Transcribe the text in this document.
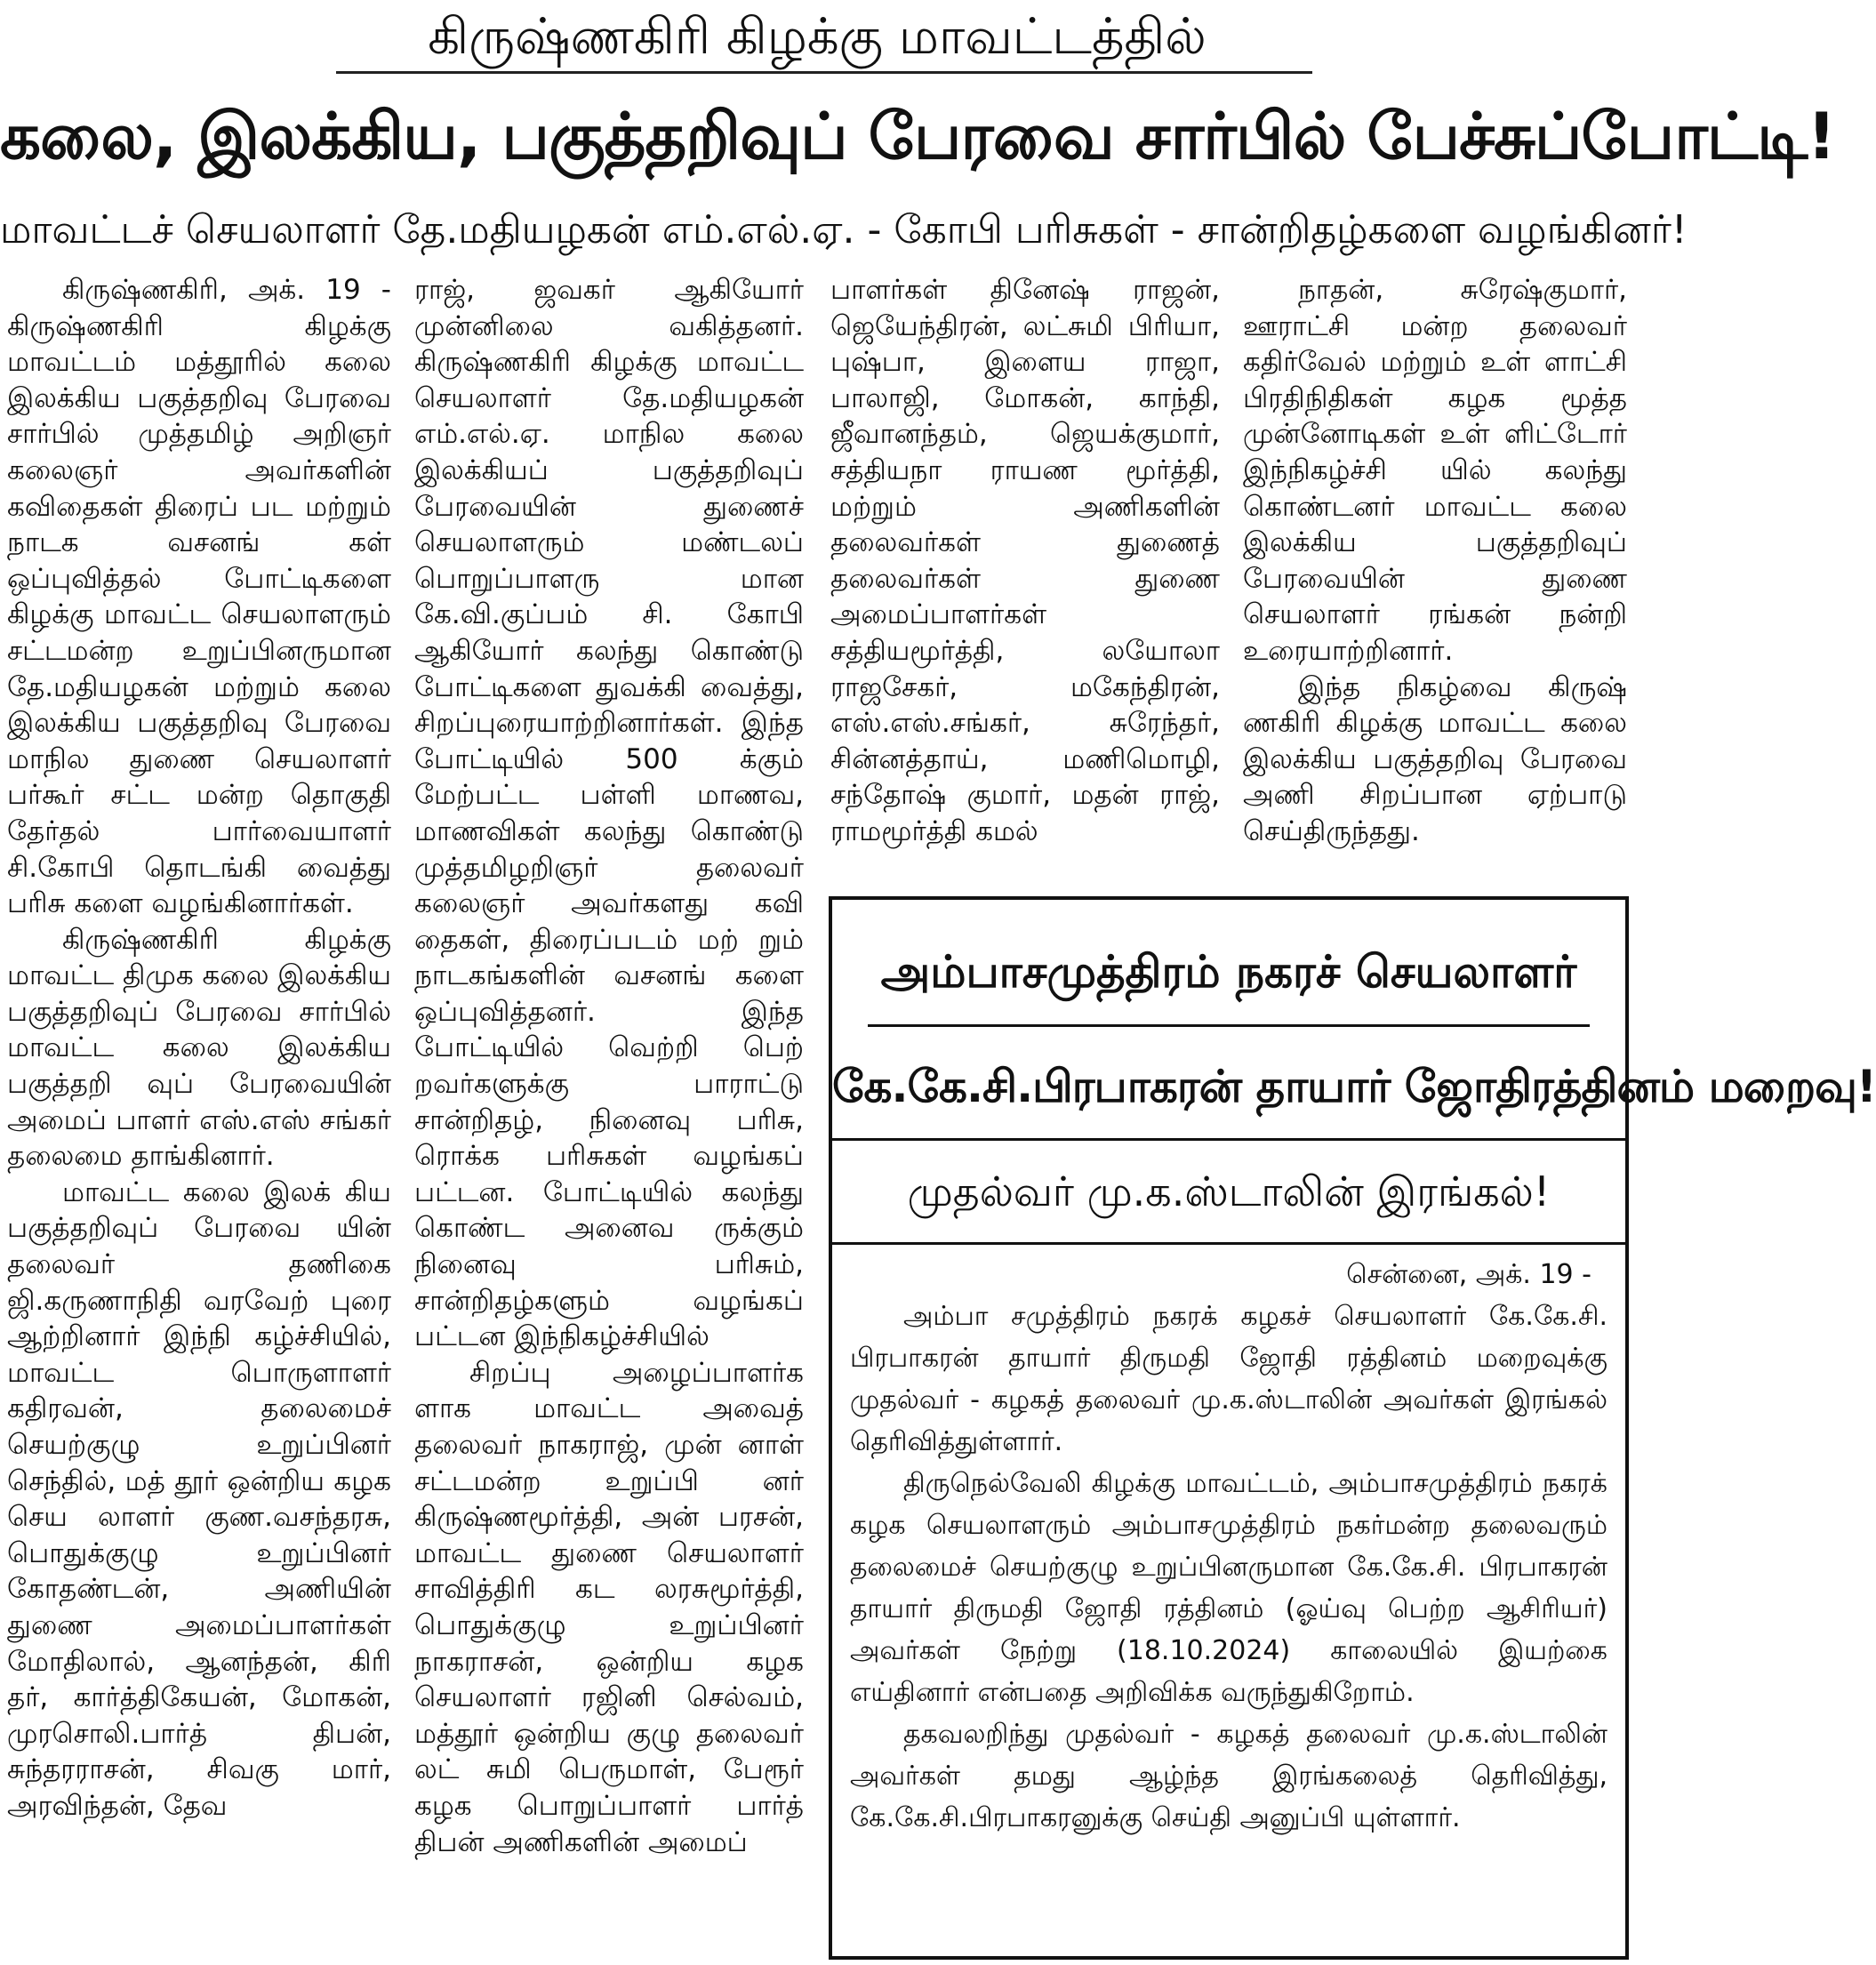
கிருஷ்ணகிரி கிழக்கு மாவட்டத்தில்
கலை, இலக்கிய, பகுத்தறிவுப் பேரவை சார்பில் பேச்சுப்போட்டி!
மாவட்டச் செயலாளர் தே.மதியழகன் எம்.எல்.ஏ. - கோபி பரிசுகள் - சான்றிதழ்களை வழங்கினர்!

கிருஷ்ணகிரி, அக். 19 - கிருஷ்ணகிரி கிழக்கு மாவட்டம் மத்தூரில் கலை இலக்கிய பகுத்தறிவு பேரவை சார்பில் முத்தமிழ் அறிஞர் கலைஞர் அவர்களின் கவிதைகள் திரைப் பட மற்றும் நாடக வசனங் கள் ஒப்புவித்தல் போட்டிகளை கிழக்கு மாவட்ட செயலாளரும் சட்டமன்ற உறுப்பினருமான தே.மதியழகன் மற்றும் கலை இலக்கிய பகுத்தறிவு பேரவை மாநில துணை செயலாளர் பர்கூர் சட்ட மன்ற தொகுதி தேர்தல் பார்வையாளர் சி.கோபி தொடங்கி வைத்து பரிசு களை வழங்கினார்கள்.

கிருஷ்ணகிரி கிழக்கு மாவட்ட திமுக கலை இலக்கிய பகுத்தறிவுப் பேரவை சார்பில் மாவட்ட கலை இலக்கிய பகுத்தறி வுப் பேரவையின் அமைப் பாளர் எஸ்.எஸ் சங்கர் தலைமை தாங்கினார்.

மாவட்ட கலை இலக் கிய பகுத்தறிவுப் பேரவை யின் தலைவர் தணிகை ஜி.கருணாநிதி வரவேற் புரை ஆற்றினார் இந்நி கழ்ச்சியில், மாவட்ட பொருளாளர் கதிரவன், தலைமைச் செயற்குழு உறுப்பினர் செந்தில், மத் தூர் ஒன்றிய கழக செய லாளர் குண.வசந்தரசு, பொதுக்குழு உறுப்பினர் கோதண்டன், அணியின் துணை அமைப்பாளர்கள் மோதிலால், ஆனந்தன், கிரி தர், கார்த்திகேயன், மோகன், முரசொலி.பார்த் திபன், சுந்தரராசன், சிவகு மார், அரவிந்தன், தேவ

ராஜ், ஜவகர் ஆகியோர் முன்னிலை வகித்தனர். கிருஷ்ணகிரி கிழக்கு மாவட்ட செயலாளர் தே.மதியழகன் எம்.எல்.ஏ. மாநில கலை இலக்கியப் பகுத்தறிவுப் பேரவையின் துணைச் செயலாளரும் மண்டலப் பொறுப்பாளரு மான கே.வி.குப்பம் சி. கோபி ஆகியோர் கலந்து கொண்டு போட்டிகளை துவக்கி வைத்து, சிறப்புரையாற்றினார்கள். இந்த போட்டியில் 500 க்கும் மேற்பட்ட பள்ளி மாணவ, மாணவிகள் கலந்து கொண்டு முத்தமிழறிஞர் தலைவர் கலைஞர் அவர்களது கவி தைகள், திரைப்படம் மற் றும் நாடகங்களின் வசனங் களை ஒப்புவித்தனர். இந்த போட்டியில் வெற்றி பெற் றவர்களுக்கு பாராட்டு சான்றிதழ், நினைவு பரிசு, ரொக்க பரிசுகள் வழங்கப் பட்டன. போட்டியில் கலந்து கொண்ட அனைவ ருக்கும் நினைவு பரிசும், சான்றிதழ்களும் வழங்கப் பட்டன இந்நிகழ்ச்சியில்

சிறப்பு அழைப்பாளர்க ளாக மாவட்ட அவைத் தலைவர் நாகராஜ், முன் னாள் சட்டமன்ற உறுப்பி னர் கிருஷ்ணமூர்த்தி, அன் பரசன், மாவட்ட துணை செயலாளர் சாவித்திரி கட லரசுமூர்த்தி, பொதுக்குழு உறுப்பினர் நாகராசன், ஒன்றிய கழக செயலாளர் ரஜினி செல்வம், மத்தூர் ஒன்றிய குழு தலைவர் லட் சுமி பெருமாள், பேரூர் கழக பொறுப்பாளர் பார்த் திபன் அணிகளின் அமைப்

பாளர்கள் தினேஷ் ராஜன், ஜெயேந்திரன், லட்சுமி பிரியா, புஷ்பா, இளைய ராஜா, பாலாஜி, மோகன், காந்தி, ஜீவானந்தம், ஜெயக்குமார், சத்தியநா ராயண மூர்த்தி, மற்றும் அணிகளின் தலைவர்கள் துணைத் தலைவர்கள் துணை அமைப்பாளர்கள் சத்தியமூர்த்தி, லயோலா ராஜசேகர், மகேந்திரன், எஸ்.எஸ்.சங்கர், சுரேந்தர், சின்னத்தாய், மணிமொழி, சந்தோஷ் குமார், மதன் ராஜ், ராமமூர்த்தி கமல்

நாதன், சுரேஷ்குமார், ஊராட்சி மன்ற தலைவர் கதிர்வேல் மற்றும் உள் ளாட்சி பிரதிநிதிகள் கழக மூத்த முன்னோடிகள் உள் ளிட்டோர் இந்நிகழ்ச்சி யில் கலந்து கொண்டனர் மாவட்ட கலை இலக்கிய பகுத்தறிவுப் பேரவையின் துணை செயலாளர் ரங்கன் நன்றி உரையாற்றினார்.

இந்த நிகழ்வை கிருஷ் ணகிரி கிழக்கு மாவட்ட கலை இலக்கிய பகுத்தறிவு பேரவை அணி சிறப்பான ஏற்பாடு செய்திருந்தது.

அம்பாசமுத்திரம் நகரச் செயலாளர்
கே.கே.சி.பிரபாகரன் தாயார் ஜோதிரத்தினம் மறைவு!
முதல்வர் மு.க.ஸ்டாலின் இரங்கல்!

சென்னை, அக். 19 -

அம்பா சமுத்திரம் நகரக் கழகச் செயலாளர் கே.கே.சி. பிரபாகரன் தாயார் திருமதி ஜோதி ரத்தினம் மறைவுக்கு முதல்வர் - கழகத் தலைவர் மு.க.ஸ்டாலின் அவர்கள் இரங்கல் தெரிவித்துள்ளார்.

திருநெல்வேலி கிழக்கு மாவட்டம், அம்பாசமுத்திரம் நகரக் கழக செயலாளரும் அம்பாசமுத்திரம் நகர்மன்ற தலைவரும் தலைமைச் செயற்குழு உறுப்பினருமான கே.கே.சி. பிரபாகரன் தாயார் திருமதி ஜோதி ரத்தினம் (ஓய்வு பெற்ற ஆசிரியர்) அவர்கள் நேற்று (18.10.2024) காலையில் இயற்கை எய்தினார் என்பதை அறிவிக்க வருந்துகிறோம்.

தகவலறிந்து முதல்வர் - கழகத் தலைவர் மு.க.ஸ்டாலின் அவர்கள் தமது ஆழ்ந்த இரங்கலைத் தெரிவித்து, கே.கே.சி.பிரபாகரனுக்கு செய்தி அனுப்பி யுள்ளார்.
